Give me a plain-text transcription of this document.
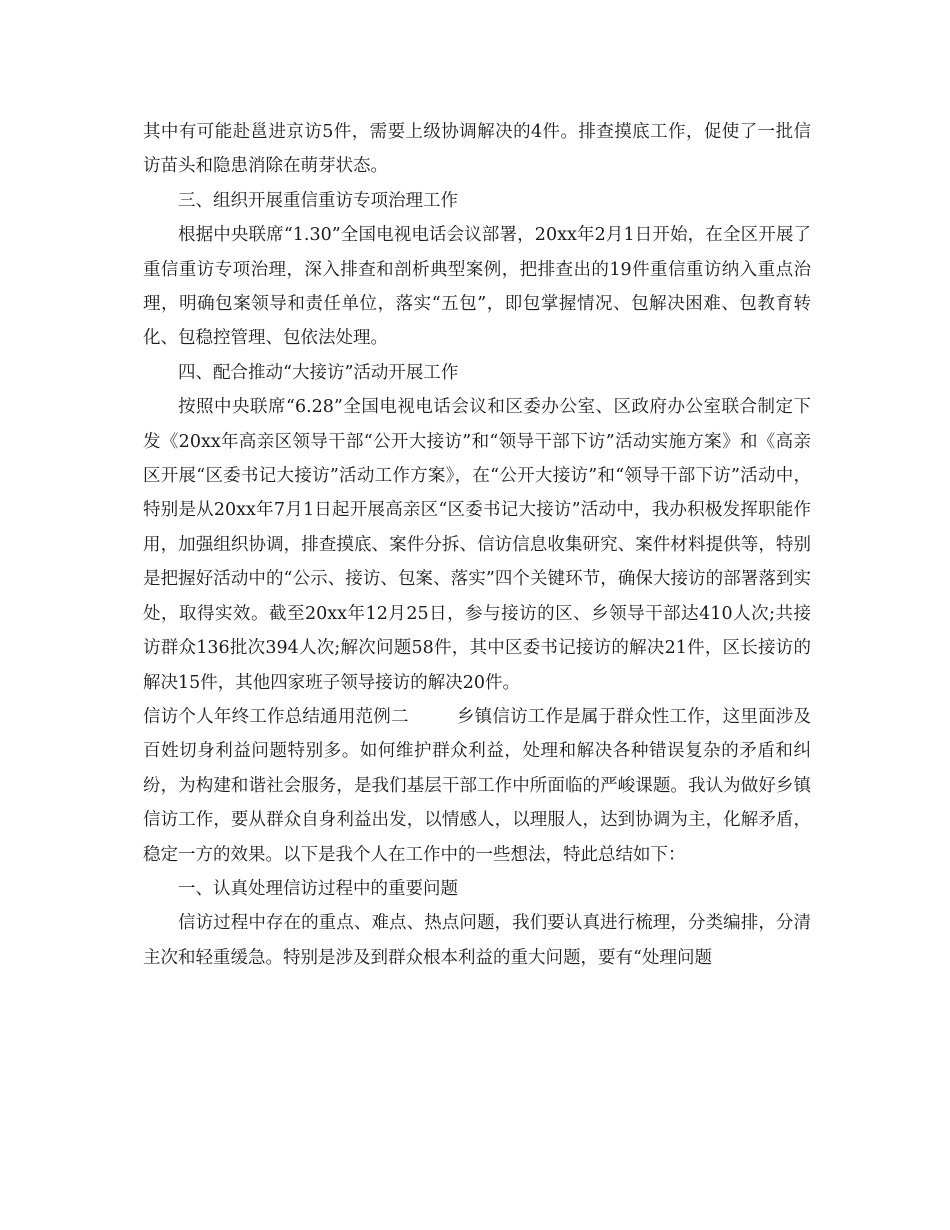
其中有可能赴邕进京访5件，需要上级协调解决的4件。排查摸底工作，促使了一批信访苗头和隐患消除在萌芽状态。

三、组织开展重信重访专项治理工作

根据中央联席“1.30”全国电视电话会议部署，20xx年2月1日开始，在全区开展了重信重访专项治理，深入排查和剖析典型案例，把排查出的19件重信重访纳入重点治理，明确包案领导和责任单位，落实“五包”，即包掌握情况、包解决困难、包教育转化、包稳控管理、包依法处理。

四、配合推动“大接访”活动开展工作

按照中央联席“6.28”全国电视电话会议和区委办公室、区政府办公室联合制定下发《20xx年高亲区领导干部“公开大接访”和“领导干部下访”活动实施方案》和《高亲区开展“区委书记大接访”活动工作方案》，在“公开大接访”和“领导干部下访”活动中，特别是从20xx年7月1日起开展高亲区“区委书记大接访”活动中，我办积极发挥职能作用，加强组织协调，排查摸底、案件分拆、信访信息收集研究、案件材料提供等，特别是把握好活动中的“公示、接访、包案、落实”四个关键环节，确保大接访的部署落到实处，取得实效。截至20xx年12月25日，参与接访的区、乡领导干部达410人次;共接访群众136批次394人次;解次问题58件，其中区委书记接访的解决21件，区长接访的解决15件，其他四家班子领导接访的解决20件。

信访个人年终工作总结通用范例二	乡镇信访工作是属于群众性工作，这里面涉及百姓切身利益问题特别多。如何维护群众利益，处理和解决各种错误复杂的矛盾和纠纷，为构建和谐社会服务，是我们基层干部工作中所面临的严峻课题。我认为做好乡镇信访工作，要从群众自身利益出发，以情感人，以理服人，达到协调为主，化解矛盾，稳定一方的效果。以下是我个人在工作中的一些想法，特此总结如下：

一、认真处理信访过程中的重要问题

信访过程中存在的重点、难点、热点问题，我们要认真进行梳理，分类编排，分清主次和轻重缓急。特别是涉及到群众根本利益的重大问题，要有“处理问题
